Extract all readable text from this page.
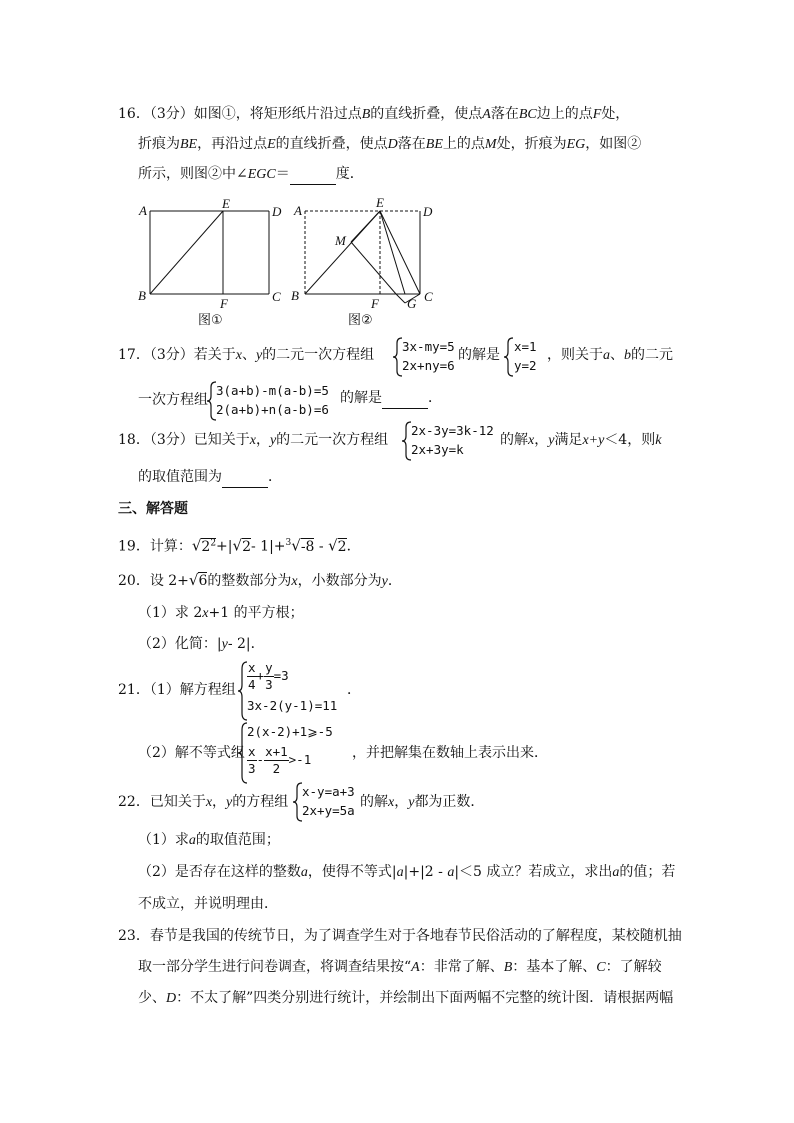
16．（3分）如图①，将矩形纸片沿过点B的直线折叠，使点A落在BC边上的点F处，
折痕为BE，再沿过点E的直线折叠，使点D落在BE上的点M处，折痕为EG，如图②
所示，则图②中∠EGC＝	度．
A	E
D
B
F	C
图①
A
E
D
M
B
F G C
图②
17．（3分）若关于x、y的二元一次方程组
3x-my=5
2x+ny=6
的解是
x=1
y=2
，则关于a、b的二元
一次方程组
3(a+b)-m(a-b)=5
2(a+b)+n(a-b)=6
的解是	．
18．（3分）已知关于x，y的二元一次方程组
2x-3y=3k-12
2x+3y=k
的解x，y满足x+y＜4，则k
的取值范围为	．
三、解答题
19．计算：$√2^2+|√2-$ 1|+$^3$√-8 - √2．
20．设 2+√6的整数部分为x，小数部分为y．
（1）求 2x+1 的平方根；
（2）化简：|y- 2|．
21．（1）解方程组 $\frac{x}{4} + \frac{y}{3} =3$
3x-2(y-1)=11
．
（2）解不等式组
2(x-2)+1⩾-5
$\frac{x}{3} - \frac{x+1}{2} >-1$	，并把解集在数轴上表示出来．
22．已知关于x，y的方程组
x-y=a+3
2x+y=5a
的解x，y都为正数．
（1）求a的取值范围；
（2）是否存在这样的整数a，使得不等式|a|+|2 - a|＜5 成立？若成立，求出a的值；若
不成立，并说明理由．
23．春节是我国的传统节日，为了调查学生对于各地春节民俗活动的了解程度，某校随机抽
取一部分学生进行问卷调查，将调查结果按“A：非常了解、B：基本了解、C：了解较
少、D：不太了解”四类分别进行统计，并绘制出下面两幅不完整的统计图．请根据两幅
